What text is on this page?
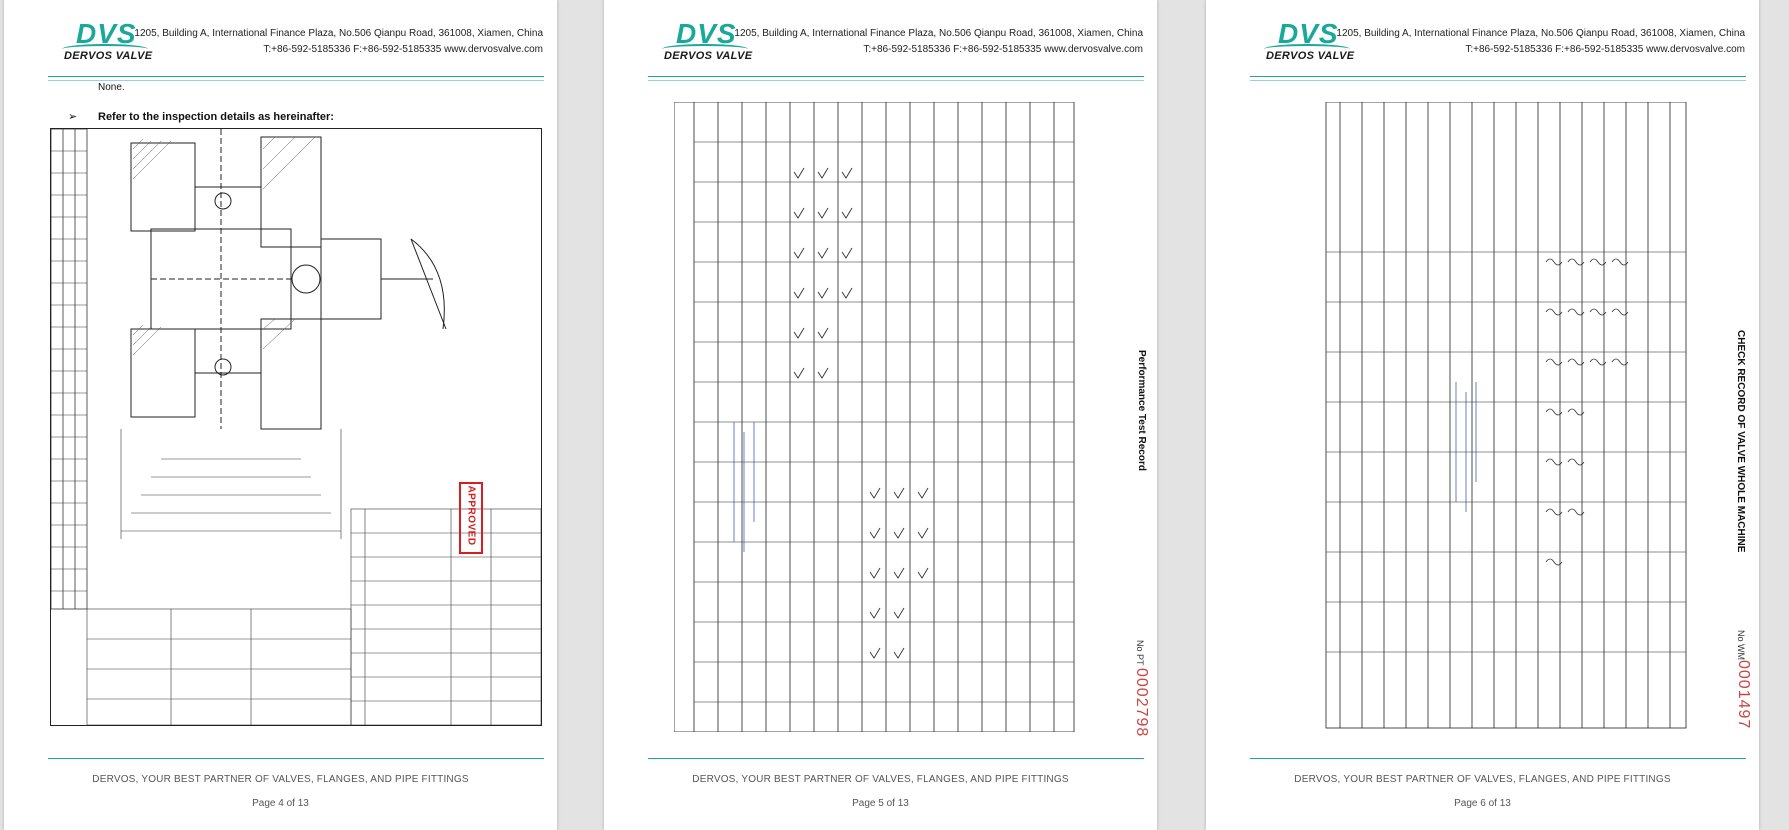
DVS
DERVOS VALVE
1205, Building A, International Finance Plaza, No.506 Qianpu Road, 361008, Xiamen, China
T:+86-592-5185336 F:+86-592-5185335 www.dervosvalve.com
None.
➢ Refer to the inspection details as hereinafter:
APPROVED
DERVOS, YOUR BEST PARTNER OF VALVES, FLANGES, AND PIPE FITTINGS
Page 4 of 13
DVS
DERVOS VALVE
1205, Building A, International Finance Plaza, No.506 Qianpu Road, 361008, Xiamen, China
T:+86-592-5185336 F:+86-592-5185335 www.dervosvalve.com
Performance Test Record
No PT
0002798
DERVOS, YOUR BEST PARTNER OF VALVES, FLANGES, AND PIPE FITTINGS
Page 5 of 13
DVS
DERVOS VALVE
1205, Building A, International Finance Plaza, No.506 Qianpu Road, 361008, Xiamen, China
T:+86-592-5185336 F:+86-592-5185335 www.dervosvalve.com
CHECK RECORD OF VALVE WHOLE MACHINE
No WM
0001497
DERVOS, YOUR BEST PARTNER OF VALVES, FLANGES, AND PIPE FITTINGS
Page 6 of 13
